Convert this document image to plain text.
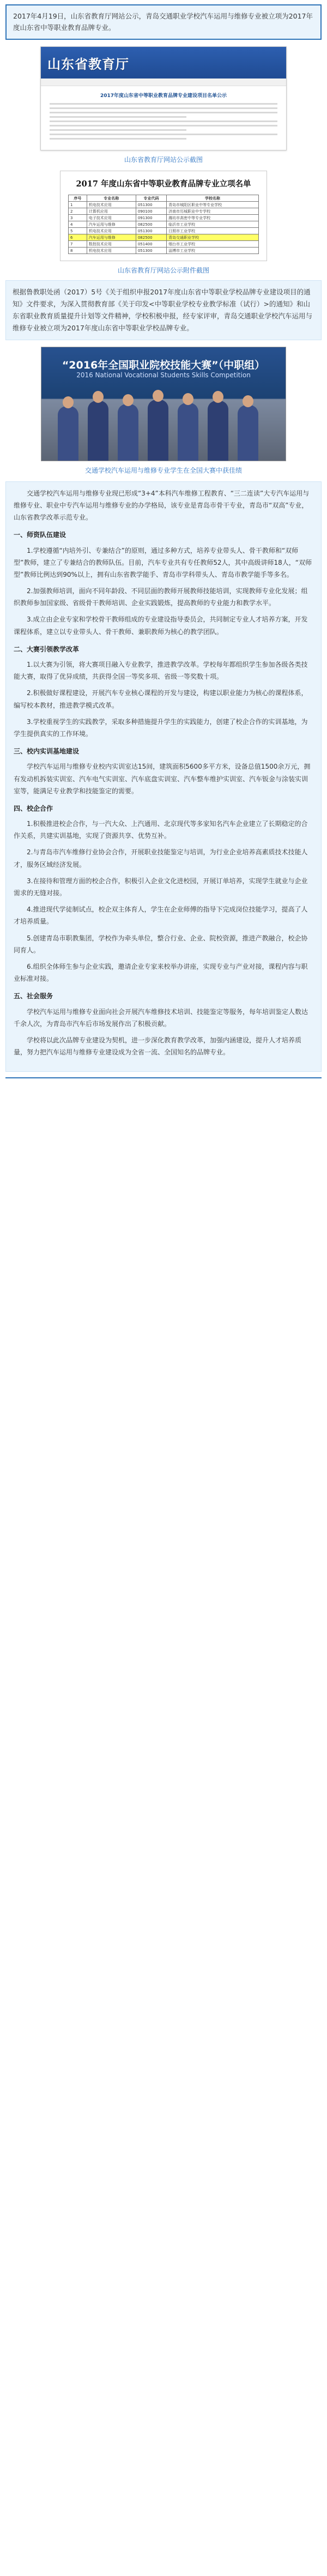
2017年4月19日，山东省教育厅网站公示，青岛交通职业学校汽车运用与维修专业被立项为2017年度山东省中等职业教育品牌专业。
山东省教育厅
2017年度山东省中等职业教育品牌专业建设项目名单公示
山东省教育厅网站公示截图
2017 年度山东省中等职业教育品牌专业立项名单
序号	专业名称	专业代码	学校名称
1	机电技术应用	051300	青岛市城阳区职业中等专业学校
2	计算机应用	090100	济南市历城职业中专学校
3	电子技术应用	091300	潍坊市高密中等专业学校
4	汽车运用与维修	082500	临沂市工业学校
5	机电技术应用	051300	日照市工业学校
6	汽车运用与维修	082500	青岛交通职业学校
7	数控技术应用	051400	烟台市工业学校
8	机电技术应用	051300	淄博市工业学校
山东省教育厅网站公示附件截图
根据鲁教职处函（2017）5号《关于组织申报2017年度山东省中等职业学校品牌专业建设项目的通知》文件要求，为深入贯彻教育部《关于印发<中等职业学校专业教学标准（试行）>的通知》和山东省职业教育质量提升计划等文件精神，学校积极申报，经专家评审，青岛交通职业学校汽车运用与维修专业被立项为2017年度山东省中等职业学校品牌专业。
“2016年全国职业院校技能大赛”（中职组）
2016 National Vocational Students Skills Competition
交通学校汽车运用与维修专业学生在全国大赛中获佳绩

交通学校汽车运用与维修专业现已形成“3+4”本科汽车维修工程教育、“三二连读”大专汽车运用与维修专业、职业中专汽车运用与维修专业的办学格局，该专业是青岛市骨干专业，青岛市“双高”专业，山东省教学改革示范专业。

一、师资队伍建设

1.学校遵循“内培外引、专兼结合”的原则，通过多种方式，培养专业带头人、骨干教师和“双师型”教师，建立了专兼结合的教师队伍。目前，汽车专业共有专任教师52人，其中高级讲师18人，“双师型”教师比例达到90%以上，拥有山东省教学能手、青岛市学科带头人、青岛市教学能手等多名。

2.加强教师培训，面向不同年龄段、不同层面的教师开展教师技能培训，实现教师专业化发展；组织教师参加国家级、省级骨干教师培训、企业实践锻炼，提高教师的专业能力和教学水平。

3.成立由企业专家和学校骨干教师组成的专业建设指导委员会，共同制定专业人才培养方案，开发课程体系，建立以专业带头人、骨干教师、兼职教师为核心的教学团队。

二、大赛引领教学改革

1.以大赛为引领，将大赛项目融入专业教学，推进教学改革。学校每年都组织学生参加各级各类技能大赛，取得了优异成绩，共获得全国一等奖多项、省级一等奖数十项。

2.积极做好课程建设，开展汽车专业核心课程的开发与建设，构建以职业能力为核心的课程体系，编写校本教材，推进教学模式改革。

3.学校重视学生的实践教学，采取多种措施提升学生的实践能力，创建了校企合作的实训基地，为学生提供真实的工作环境。

三、校内实训基地建设

学校汽车运用与维修专业校内实训室达15间，建筑面积5600多平方米，设备总值1500余万元，拥有发动机拆装实训室、汽车电气实训室、汽车底盘实训室、汽车整车维护实训室、汽车钣金与涂装实训室等，能满足专业教学和技能鉴定的需要。

四、校企合作

1.积极推进校企合作，与一汽大众、上汽通用、北京现代等多家知名汽车企业建立了长期稳定的合作关系，共建实训基地，实现了资源共享、优势互补。

2.与青岛市汽车维修行业协会合作，开展职业技能鉴定与培训，为行业企业培养高素质技术技能人才，服务区域经济发展。

3.在接待和管理方面的校企合作，积极引入企业文化进校园，开展订单培养，实现学生就业与企业需求的无缝对接。

4.推进现代学徒制试点，校企双主体育人，学生在企业师傅的指导下完成岗位技能学习，提高了人才培养质量。

5.创建青岛市职教集团，学校作为牵头单位，整合行业、企业、院校资源，推进产教融合，校企协同育人。

6.组织全体师生参与企业实践，邀请企业专家来校举办讲座，实现专业与产业对接，课程内容与职业标准对接。

五、社会服务

学校汽车运用与维修专业面向社会开展汽车维修技术培训、技能鉴定等服务，每年培训鉴定人数达千余人次，为青岛市汽车后市场发展作出了积极贡献。

学校将以此次品牌专业建设为契机，进一步深化教育教学改革，加强内涵建设，提升人才培养质量，努力把汽车运用与维修专业建设成为全省一流、全国知名的品牌专业。
